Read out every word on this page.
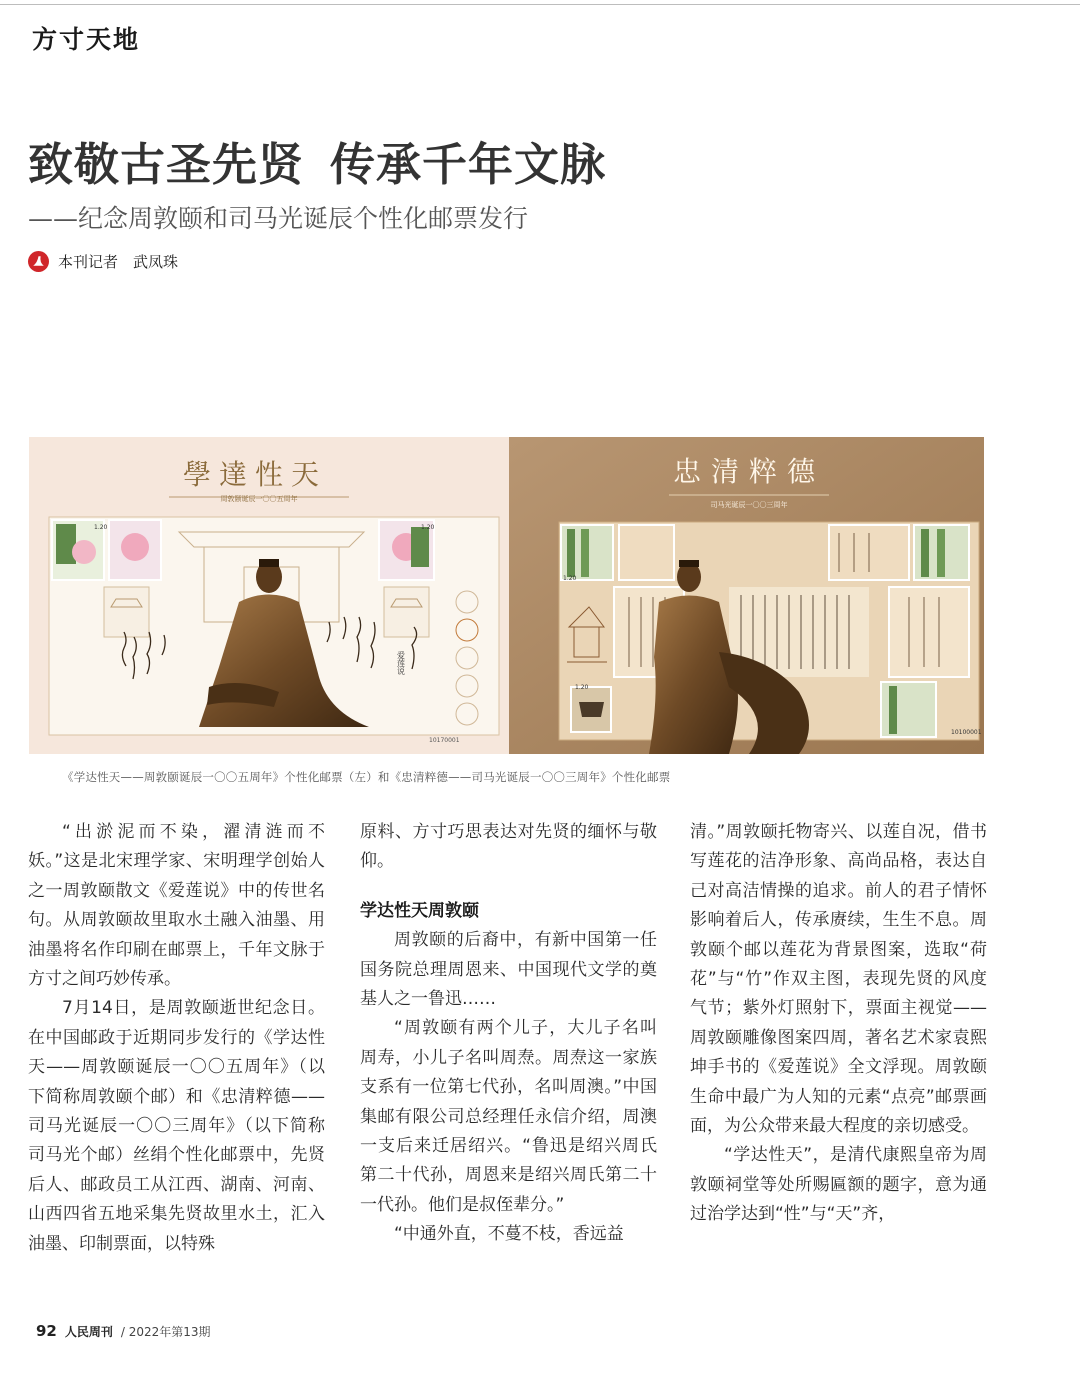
方寸天地
致敬古圣先贤 传承千年文脉
——纪念周敦颐和司马光诞辰个性化邮票发行
本刊记者 武凤珠
學達性天
周敦颐诞辰一〇〇五周年
1.20	1.20
爱莲说
10170001
忠清粹德
司马光诞辰一〇〇三周年
1.20
1.20
10100001
《学达性天——周敦颐诞辰一〇〇五周年》个性化邮票（左）和《忠清粹德——司马光诞辰一〇〇三周年》个性化邮票

“出淤泥而不染，濯清涟而不妖。”这是北宋理学家、宋明理学创始人之一周敦颐散文《爱莲说》中的传世名句。从周敦颐故里取水土融入油墨、用油墨将名作印刷在邮票上，千年文脉于方寸之间巧妙传承。

7月14日，是周敦颐逝世纪念日。在中国邮政于近期同步发行的《学达性天——周敦颐诞辰一〇〇五周年》（以下简称周敦颐个邮）和《忠清粹德——司马光诞辰一〇〇三周年》（以下简称司马光个邮）丝绢个性化邮票中，先贤后人、邮政员工从江西、湖南、河南、山西四省五地采集先贤故里水土，汇入油墨、印制票面，以特殊

原料、方寸巧思表达对先贤的缅怀与敬仰。

学达性天周敦颐

周敦颐的后裔中，有新中国第一任国务院总理周恩来、中国现代文学的奠基人之一鲁迅……

“周敦颐有两个儿子，大儿子名叫周寿，小儿子名叫周焘。周焘这一家族支系有一位第七代孙，名叫周澳。”中国集邮有限公司总经理任永信介绍，周澳一支后来迁居绍兴。“鲁迅是绍兴周氏第二十代孙，周恩来是绍兴周氏第二十一代孙。他们是叔侄辈分。”

“中通外直，不蔓不枝，香远益

清。”周敦颐托物寄兴、以莲自况，借书写莲花的洁净形象、高尚品格，表达自己对高洁情操的追求。前人的君子情怀影响着后人，传承赓续，生生不息。周敦颐个邮以莲花为背景图案，选取“荷花”与“竹”作双主图，表现先贤的风度气节；紫外灯照射下，票面主视觉——周敦颐雕像图案四周，著名艺术家袁熙坤手书的《爱莲说》全文浮现。周敦颐生命中最广为人知的元素“点亮”邮票画面，为公众带来最大程度的亲切感受。

“学达性天”，是清代康熙皇帝为周敦颐祠堂等处所赐匾额的题字，意为通过治学达到“性”与“天”齐，

92 人民周刊 / 2022年第13期
